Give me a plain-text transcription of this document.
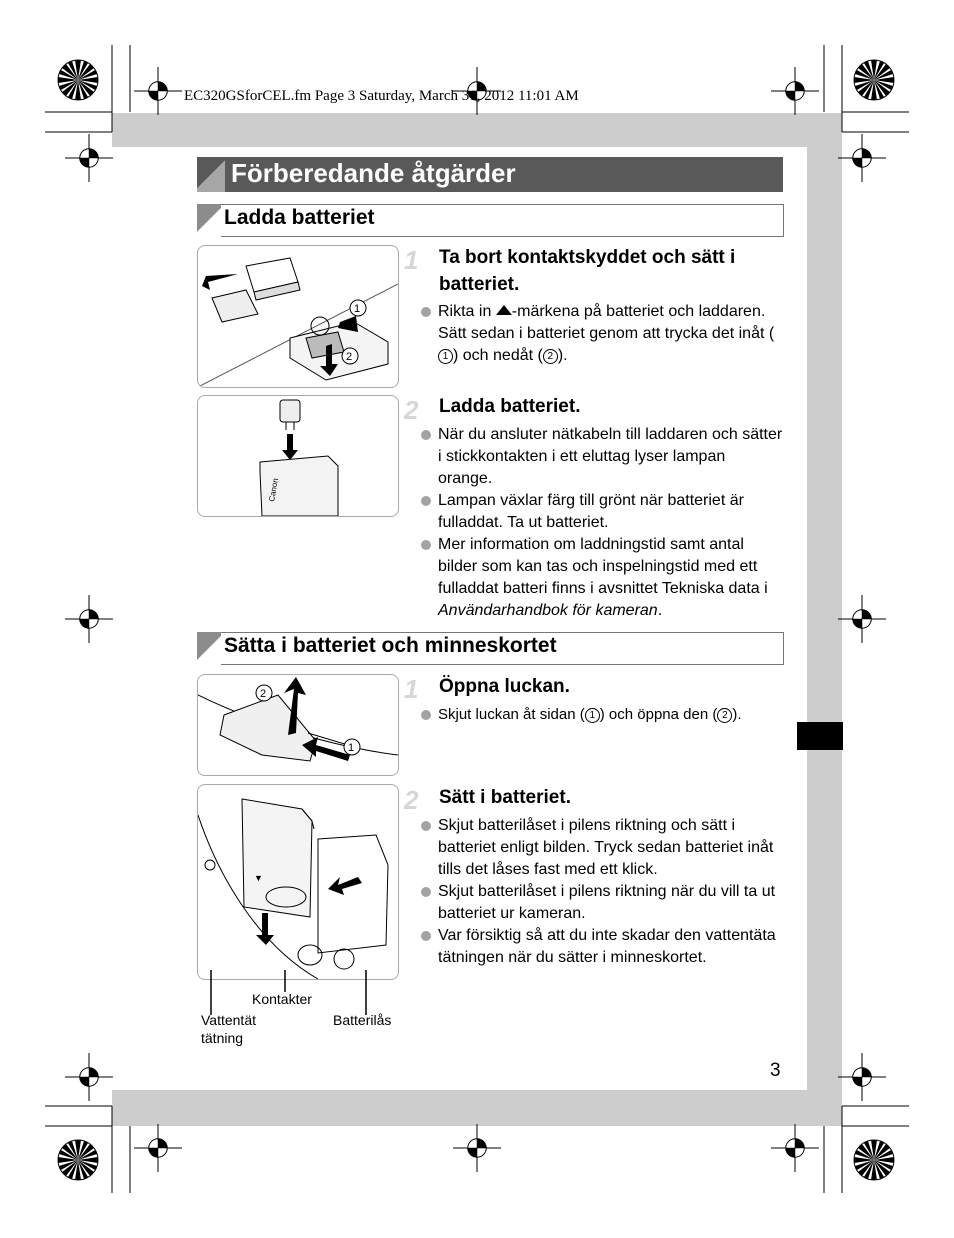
EC320GSforCEL.fm Page 3 Saturday, March 31, 2012 11:01 AM
Förberedande åtgärder
Ladda batteriet
1
2
1 Ta bort kontaktskyddet och sätt i batteriet.
Rikta in -märkena på batteriet och laddaren. Sätt sedan i batteriet genom att trycka det inåt (1 ) och nedåt ( 2 ).
Canon
2 Ladda batteriet.
När du ansluter nätkabeln till laddaren och sätter i stickkontakten i ett eluttag lyser lampan orange.
Lampan växlar färg till grönt när batteriet är fulladdat. Ta ut batteriet.
Mer information om laddningstid samt antal bilder som kan tas och inspelningstid med ett fulladdat batteri finns i avsnittet Tekniska data i Användarhandbok för kameran.
Sätta i batteriet och minneskortet
2
1
1 Öppna luckan.
Skjut luckan åt sidan ( 1 ) och öppna den ( 2 ).
▼
Kontakter
Vattentät
tätning
Batterilås
2 Sätt i batteriet.
Skjut batterilåset i pilens riktning och sätt i batteriet enligt bilden. Tryck sedan batteriet inåt tills det låses fast med ett klick.
Skjut batterilåset i pilens riktning när du vill ta ut batteriet ur kameran.
Var försiktig så att du inte skadar den vattentäta tätningen när du sätter i minneskortet.
3
